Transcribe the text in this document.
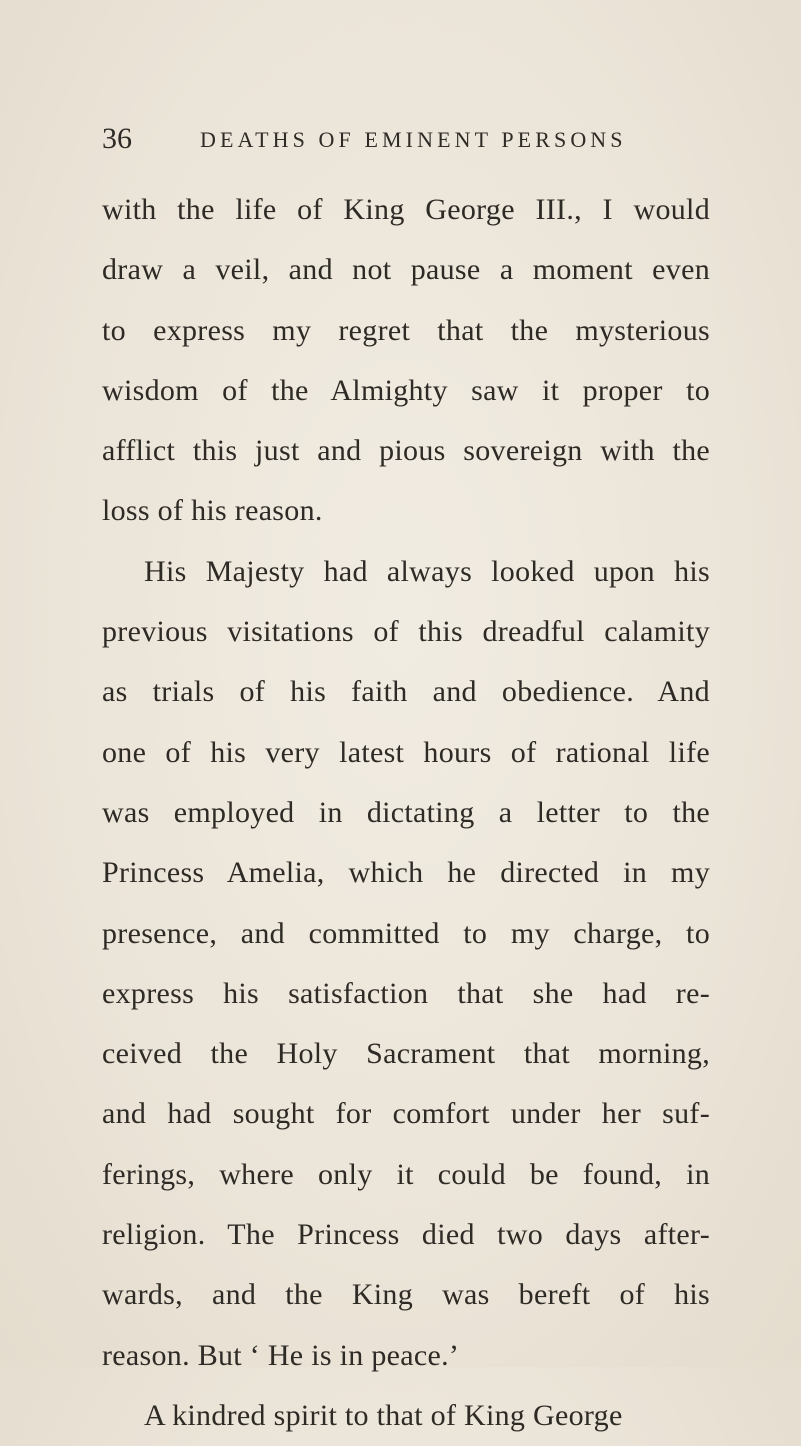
36	DEATHS OF EMINENT PERSONS
with the life of King George III., I would
draw a veil, and not pause a moment even
to express my regret that the mysterious
wisdom of the Almighty saw it proper to
afflict this just and pious sovereign with the
loss of his reason.
His Majesty had always looked upon his
previous visitations of this dreadful calamity
as trials of his faith and obedience. And
one of his very latest hours of rational life
was employed in dictating a letter to the
Princess Amelia, which he directed in my
presence, and committed to my charge, to
express his satisfaction that she had re-
ceived the Holy Sacrament that morning,
and had sought for comfort under her suf-
ferings, where only it could be found, in
religion. The Princess died two days after-
wards, and the King was bereft of his
reason. But ‘ He is in peace.’
A kindred spirit to that of King George
